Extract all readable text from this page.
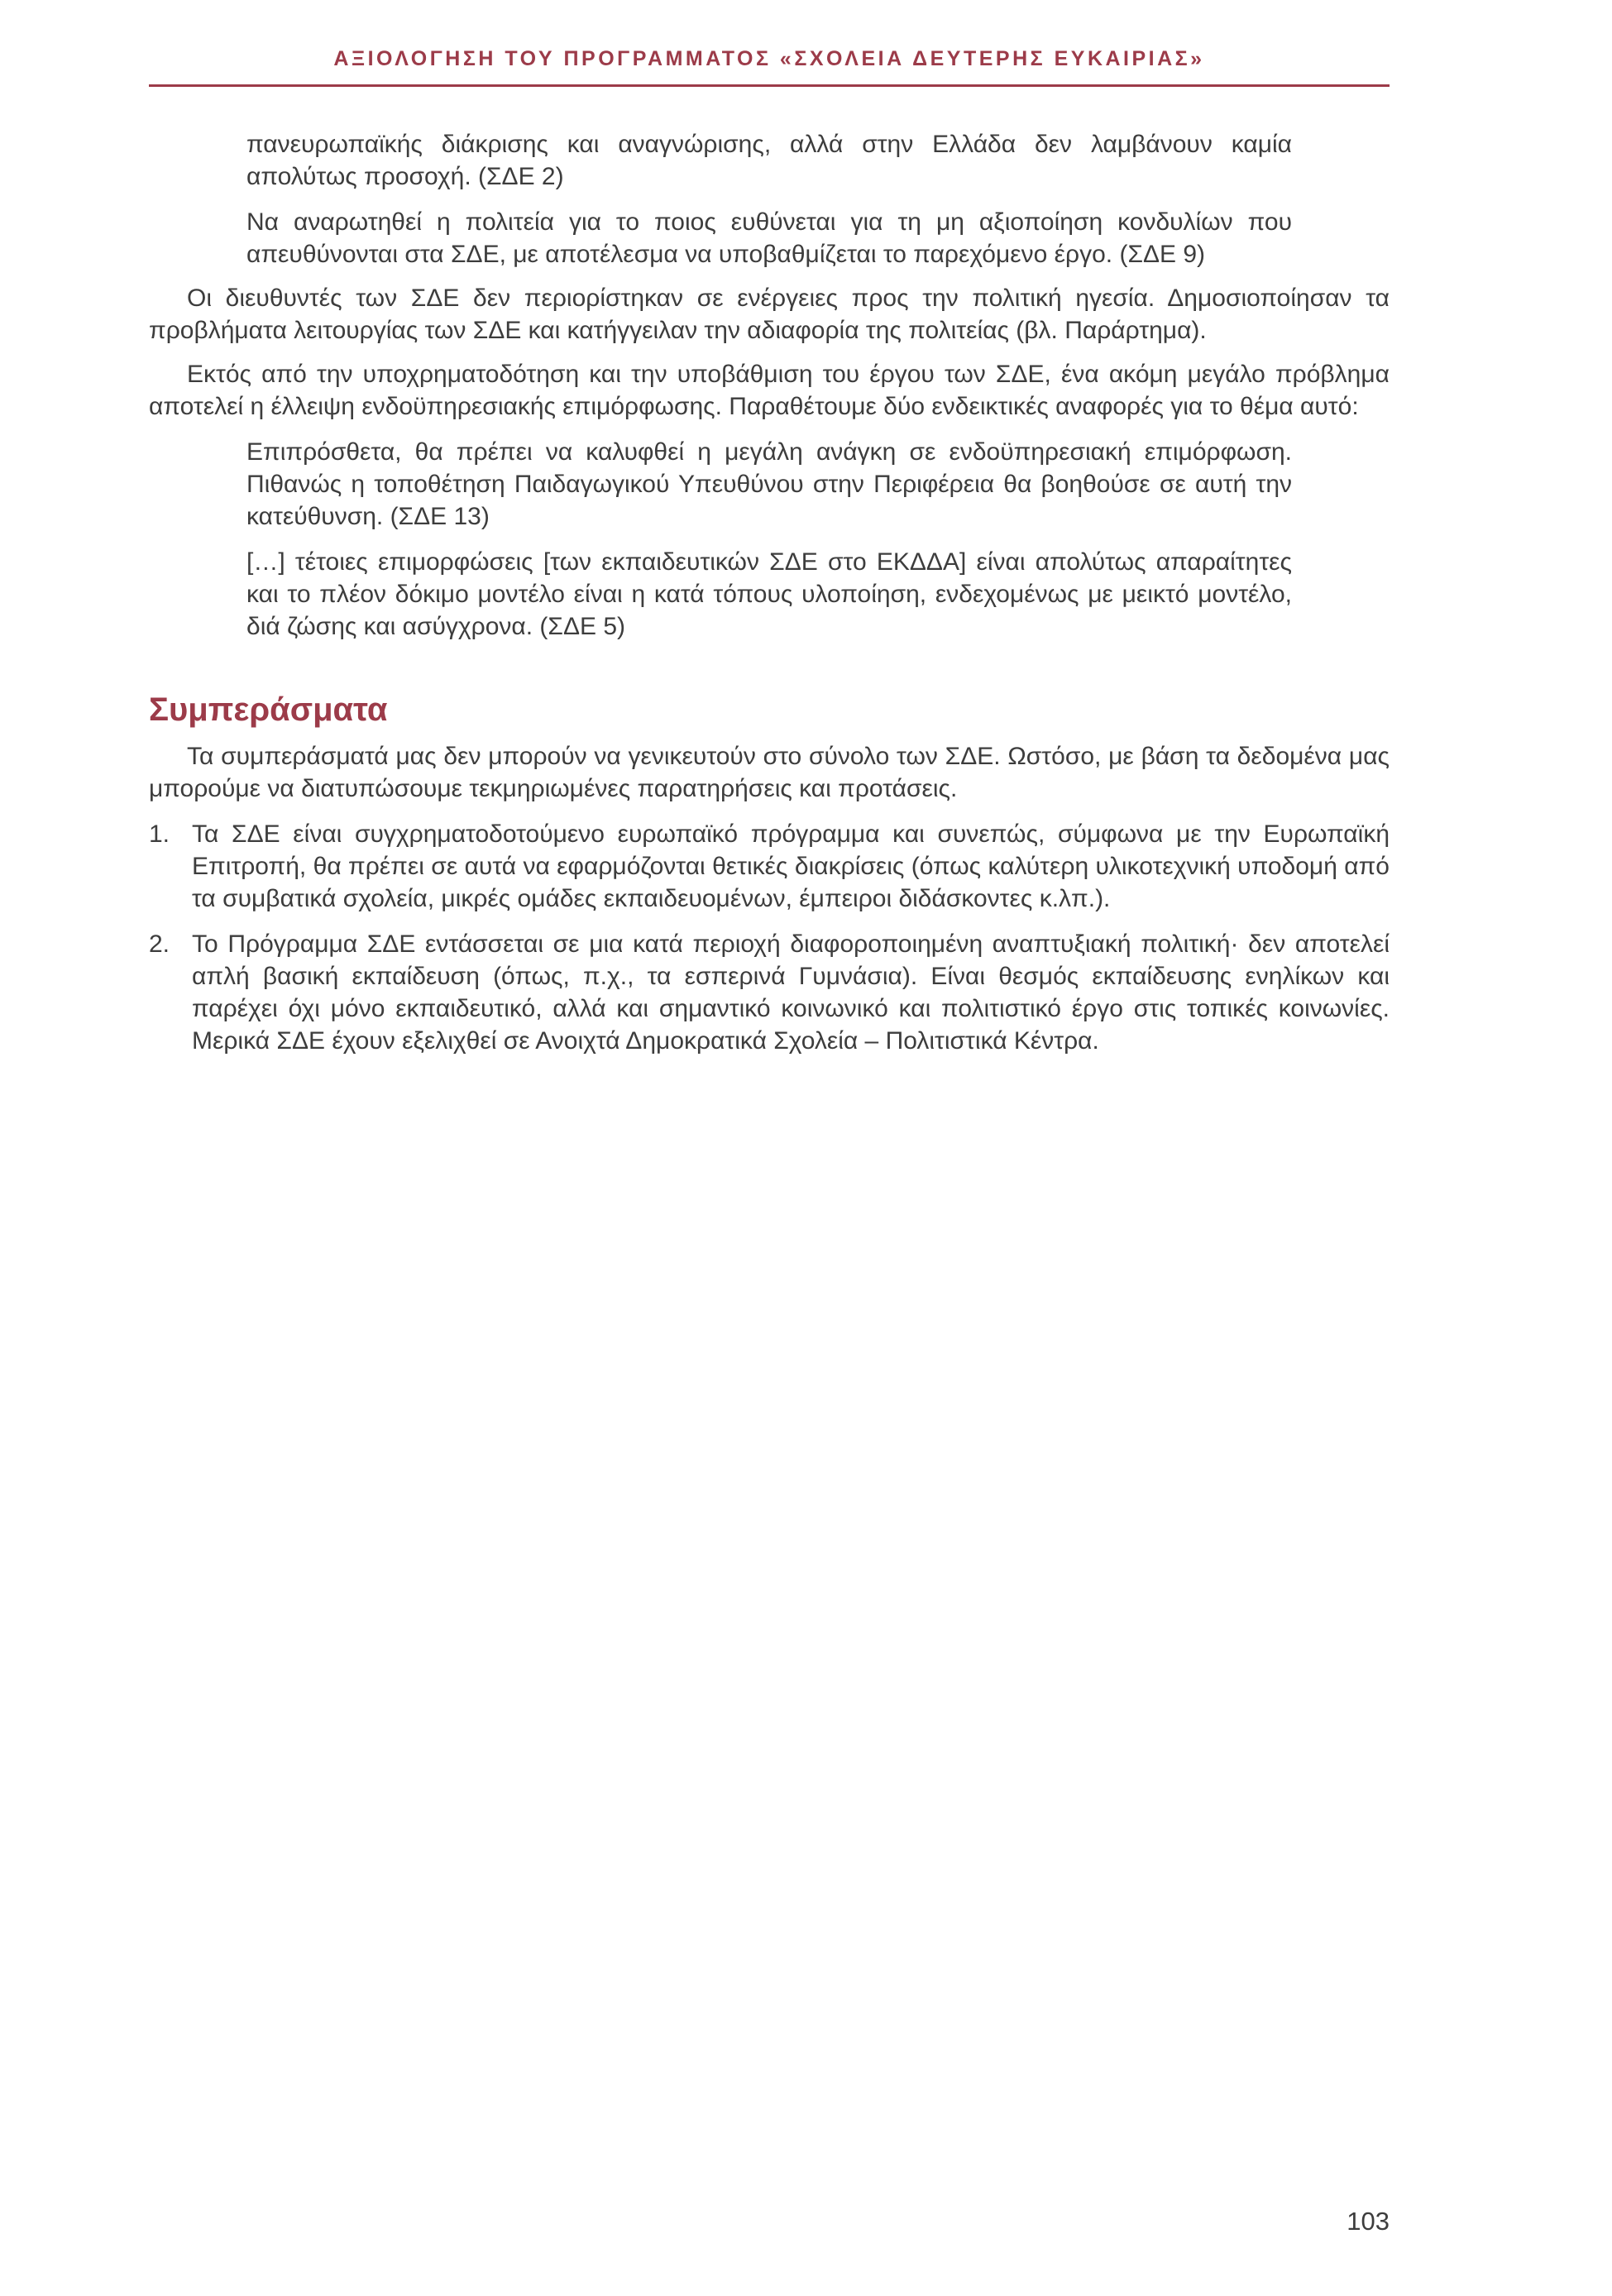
ΑΞΙΟΛΟΓΗΣΗ ΤΟΥ ΠΡΟΓΡΑΜΜΑΤΟΣ «ΣΧΟΛΕΙΑ ΔΕΥΤΕΡΗΣ ΕΥΚΑΙΡΙΑΣ»

πανευρωπαϊκής διάκρισης και αναγνώρισης, αλλά στην Ελλάδα δεν λαμβάνουν καμία απολύτως προσοχή. (ΣΔΕ 2)

Να αναρωτηθεί η πολιτεία για το ποιος ευθύνεται για τη μη αξιοποίηση κονδυλίων που απευθύνονται στα ΣΔΕ, με αποτέλεσμα να υποβαθμίζεται το παρεχόμενο έργο. (ΣΔΕ 9)

Οι διευθυντές των ΣΔΕ δεν περιορίστηκαν σε ενέργειες προς την πολιτική ηγεσία. Δημοσιοποίησαν τα προβλήματα λειτουργίας των ΣΔΕ και κατήγγειλαν την αδιαφορία της πολιτείας (βλ. Παράρτημα).

Εκτός από την υποχρηματοδότηση και την υποβάθμιση του έργου των ΣΔΕ, ένα ακόμη μεγάλο πρόβλημα αποτελεί η έλλειψη ενδοϋπηρεσιακής επιμόρφωσης. Παραθέτουμε δύο ενδεικτικές αναφορές για το θέμα αυτό:

Επιπρόσθετα, θα πρέπει να καλυφθεί η μεγάλη ανάγκη σε ενδοϋπηρεσιακή επιμόρφωση. Πιθανώς η τοποθέτηση Παιδαγωγικού Υπευθύνου στην Περιφέρεια θα βοηθούσε σε αυτή την κατεύθυνση. (ΣΔΕ 13)

[…] τέτοιες επιμορφώσεις [των εκπαιδευτικών ΣΔΕ στο ΕΚΔΔΑ] είναι απολύτως απαραίτητες και το πλέον δόκιμο μοντέλο είναι η κατά τόπους υλοποίηση, ενδεχομένως με μεικτό μοντέλο, διά ζώσης και ασύγχρονα. (ΣΔΕ 5)

Συμπεράσματα

Τα συμπεράσματά μας δεν μπορούν να γενικευτούν στο σύνολο των ΣΔΕ. Ωστόσο, με βάση τα δεδομένα μας μπορούμε να διατυπώσουμε τεκμηριωμένες παρατηρήσεις και προτάσεις.

1. Τα ΣΔΕ είναι συγχρηματοδοτούμενο ευρωπαϊκό πρόγραμμα και συνεπώς, σύμφωνα με την Ευρωπαϊκή Επιτροπή, θα πρέπει σε αυτά να εφαρμόζονται θετικές διακρίσεις (όπως καλύτερη υλικοτεχνική υποδομή από τα συμβατικά σχολεία, μικρές ομάδες εκπαιδευομένων, έμπειροι διδάσκοντες κ.λπ.).
2. Το Πρόγραμμα ΣΔΕ εντάσσεται σε μια κατά περιοχή διαφοροποιημένη αναπτυξιακή πολιτική· δεν αποτελεί απλή βασική εκπαίδευση (όπως, π.χ., τα εσπερινά Γυμνάσια). Είναι θεσμός εκπαίδευσης ενηλίκων και παρέχει όχι μόνο εκπαιδευτικό, αλλά και σημαντικό κοινωνικό και πολιτιστικό έργο στις τοπικές κοινωνίες. Μερικά ΣΔΕ έχουν εξελιχθεί σε Ανοιχτά Δημοκρατικά Σχολεία – Πολιτιστικά Κέντρα.
103
